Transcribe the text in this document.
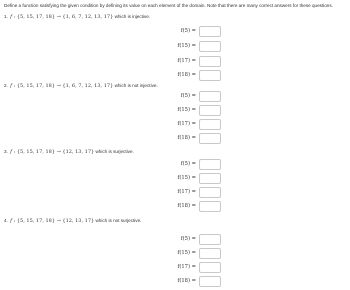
Define a function satisfying the given condition by defining its value on each element of the domain. Note that there are many correct answers for these questions.
1. f : {5, 15, 17, 18} → {1, 6, 7, 12, 13, 17} which is injective.
f(5) =
f(15) =
f(17) =
f(18) =
2. f : {5, 15, 17, 18} → {1, 6, 7, 12, 13, 17} which is not injective.
f(5) =
f(15) =
f(17) =
f(18) =
3. f : {5, 15, 17, 18} → {12, 13, 17} which is surjective.
f(5) =
f(15) =
f(17) =
f(18) =
4. f : {5, 15, 17, 18} → {12, 13, 17} which is not surjective.
f(5) =
f(15) =
f(17) =
f(18) =
